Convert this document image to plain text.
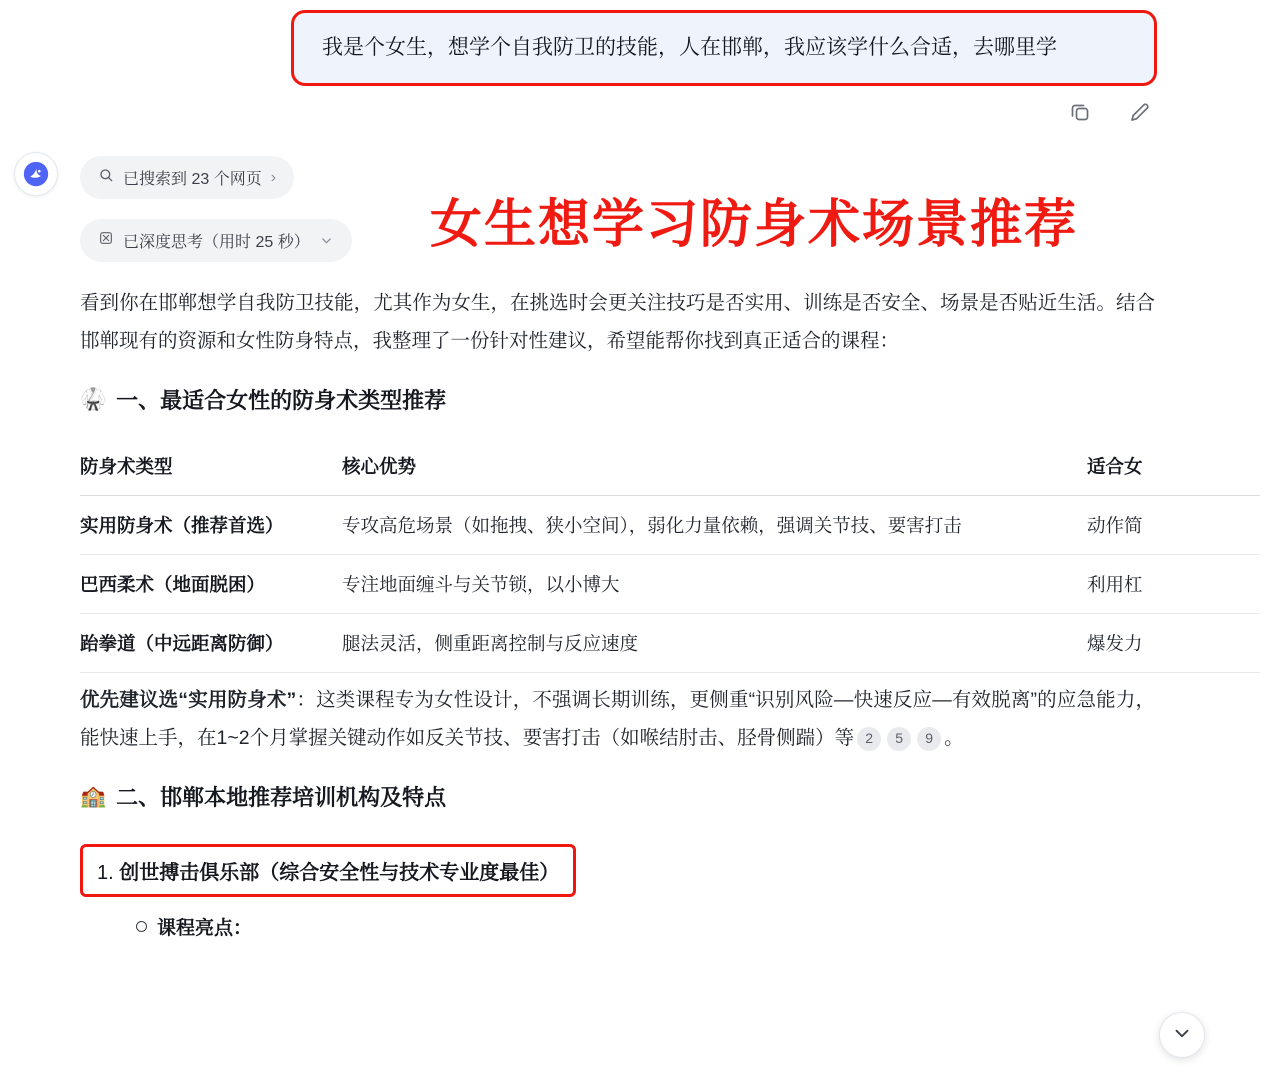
我是个女生，想学个自我防卫的技能，人在邯郸，我应该学什么合适，去哪里学
已搜索到 23 个网页 ›
已深度思考（用时 25 秒） 女生想学习防身术场景推荐

看到你在邯郸想学自我防卫技能，尤其作为女生，在挑选时会更关注技巧是否实用、训练是否安全、场景是否贴近生活。结合邯郸现有的资源和女性防身特点，我整理了一份针对性建议，希望能帮你找到真正适合的课程：

🥋 一、最适合女性的防身术类型推荐
防身术类型	核心优势	适合女
实用防身术（推荐首选）	专攻高危场景（如拖拽、狭小空间），弱化力量依赖，强调关节技、要害打击	动作简
巴西柔术（地面脱困）	专注地面缠斗与关节锁，以小博大	利用杠
跆拳道（中远距离防御）	腿法灵活，侧重距离控制与反应速度	爆发力

优先建议选“实用防身术”：这类课程专为女性设计，不强调长期训练，更侧重“识别风险—快速反应—有效脱离”的应急能力，能快速上手，在1~2个月掌握关键动作如反关节技、要害打击（如喉结肘击、胫骨侧踹）等 2 5 9 。

🏫 二、邯郸本地推荐培训机构及特点
1. 创世搏击俱乐部（综合安全性与技术专业度最佳）
课程亮点：
